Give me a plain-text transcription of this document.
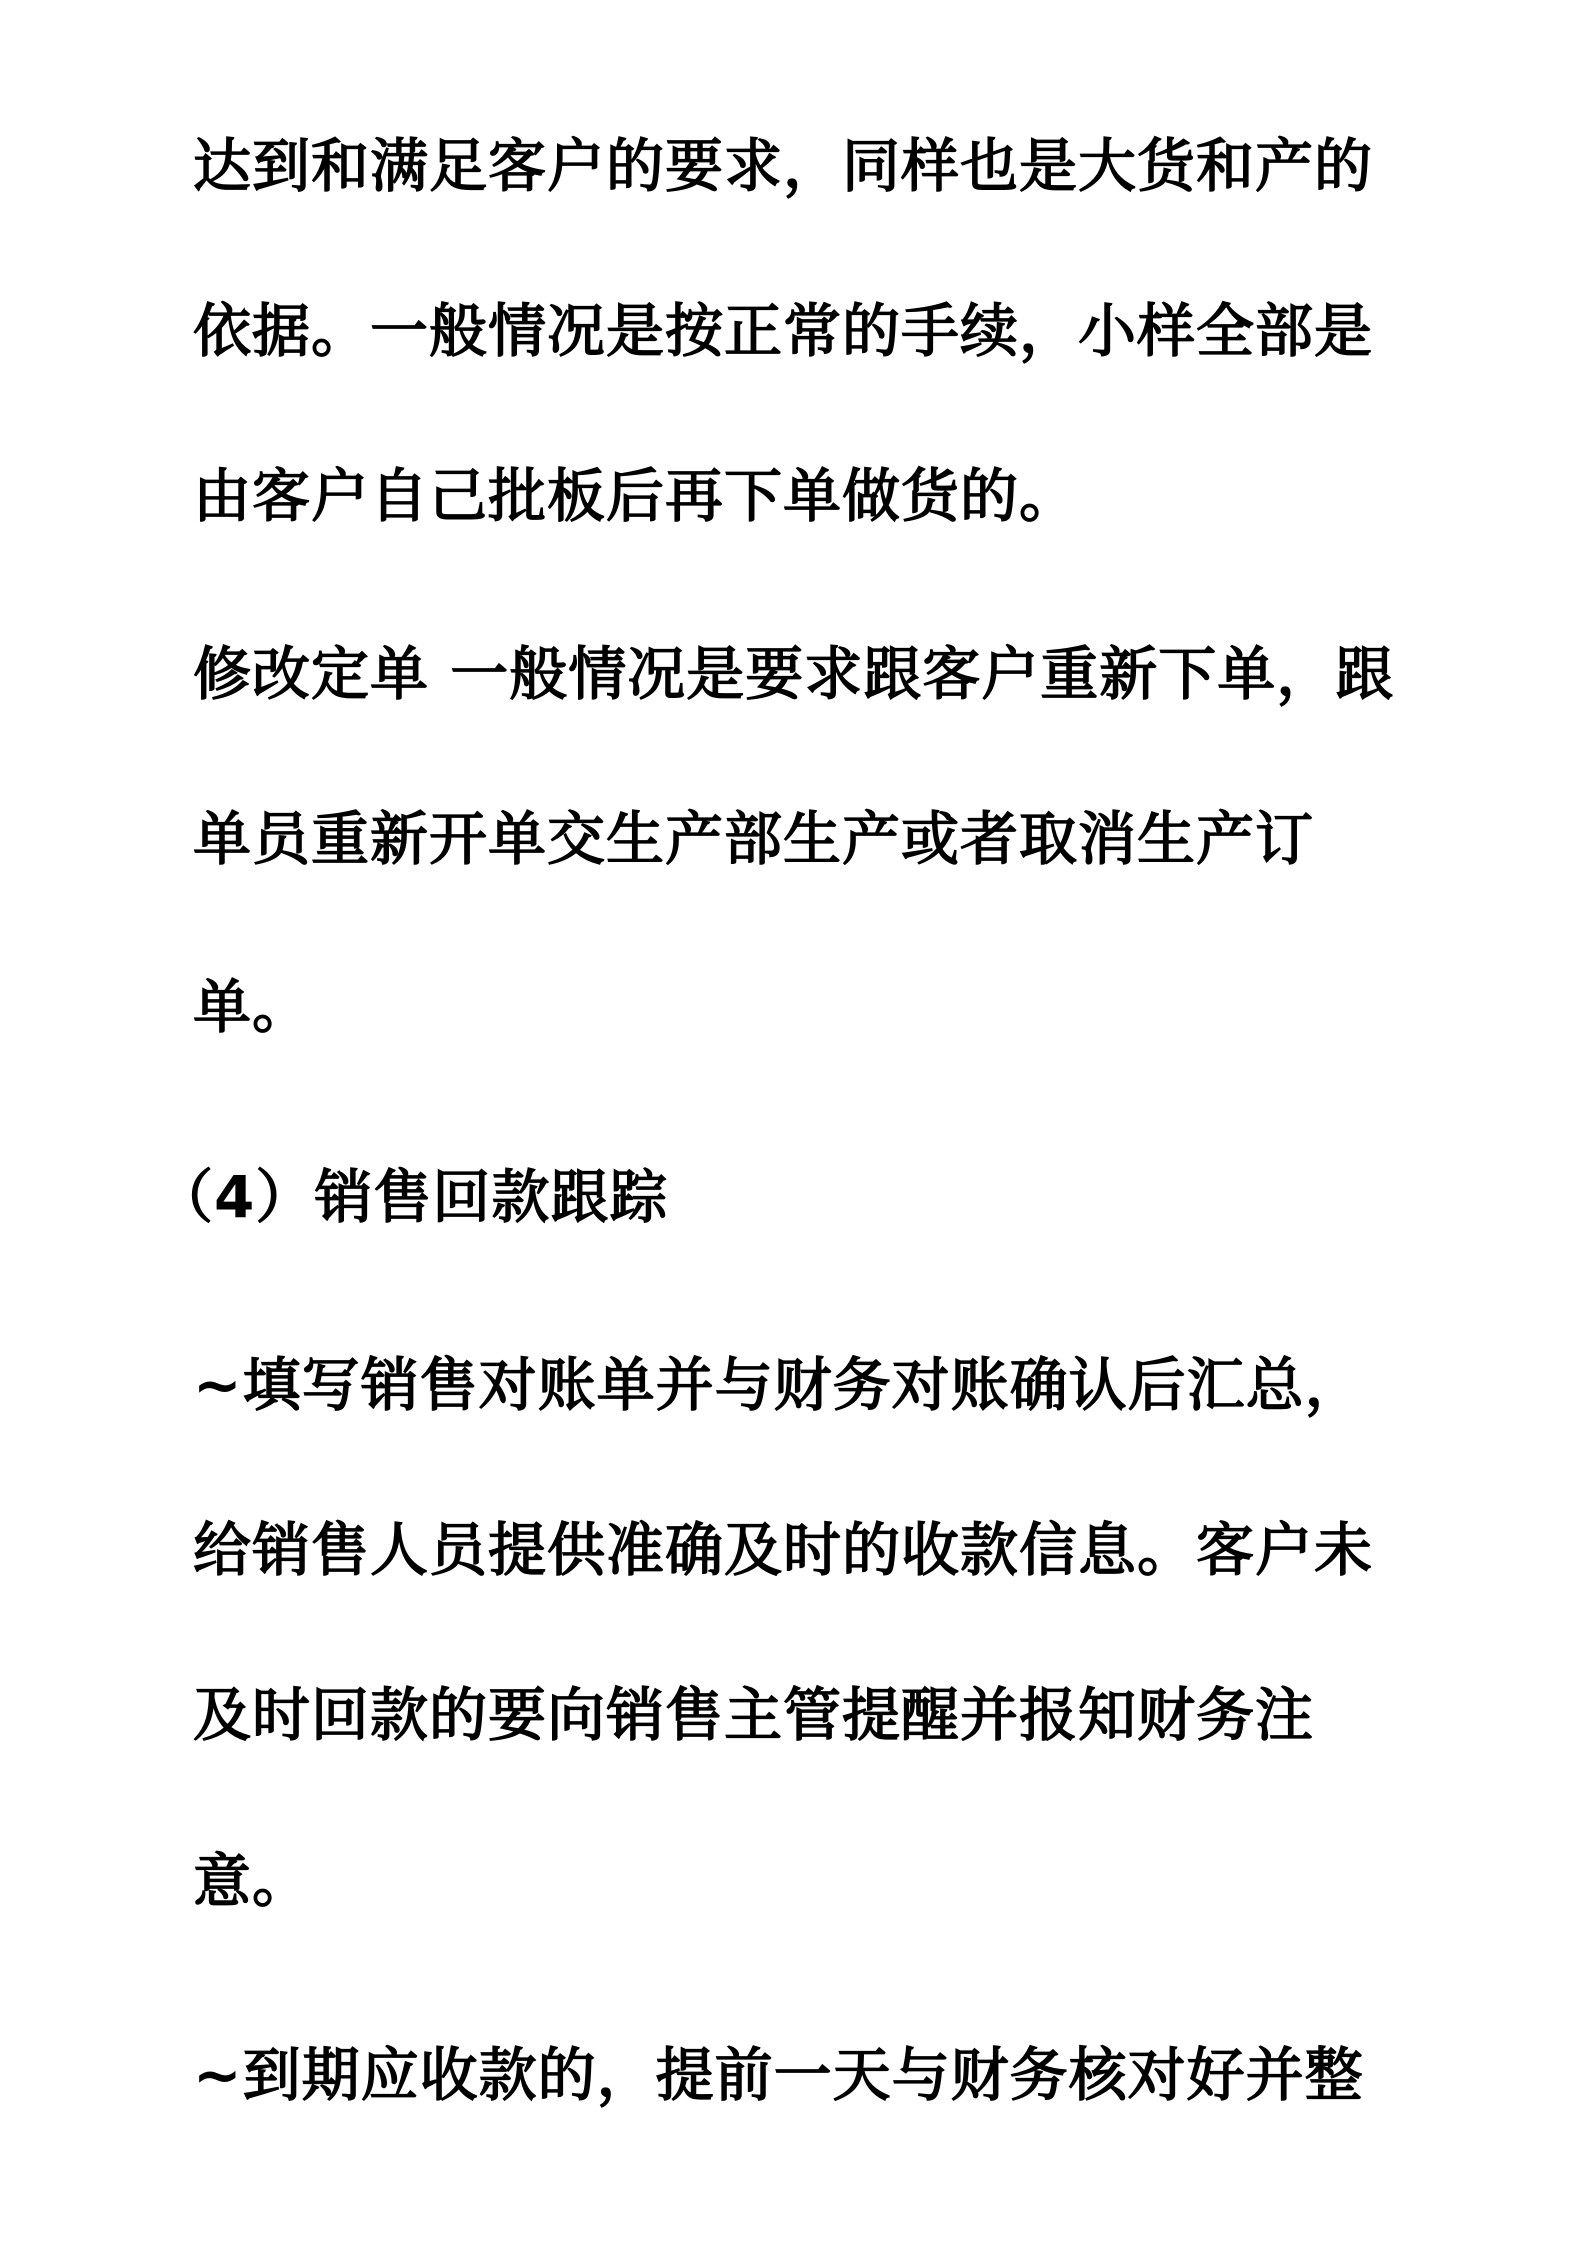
达到和满足客户的要求，同样也是大货和产的
依据。一般情况是按正常的手续，小样全部是
由客户自己批板后再下单做货的。
修改定单 一般情况是要求跟客户重新下单，跟
单员重新开单交生产部生产或者取消生产订
单。
（4）销售回款跟踪
~填写销售对账单并与财务对账确认后汇总，
给销售人员提供准确及时的收款信息。客户未
及时回款的要向销售主管提醒并报知财务注
意。
~到期应收款的，提前一天与财务核对好并整
